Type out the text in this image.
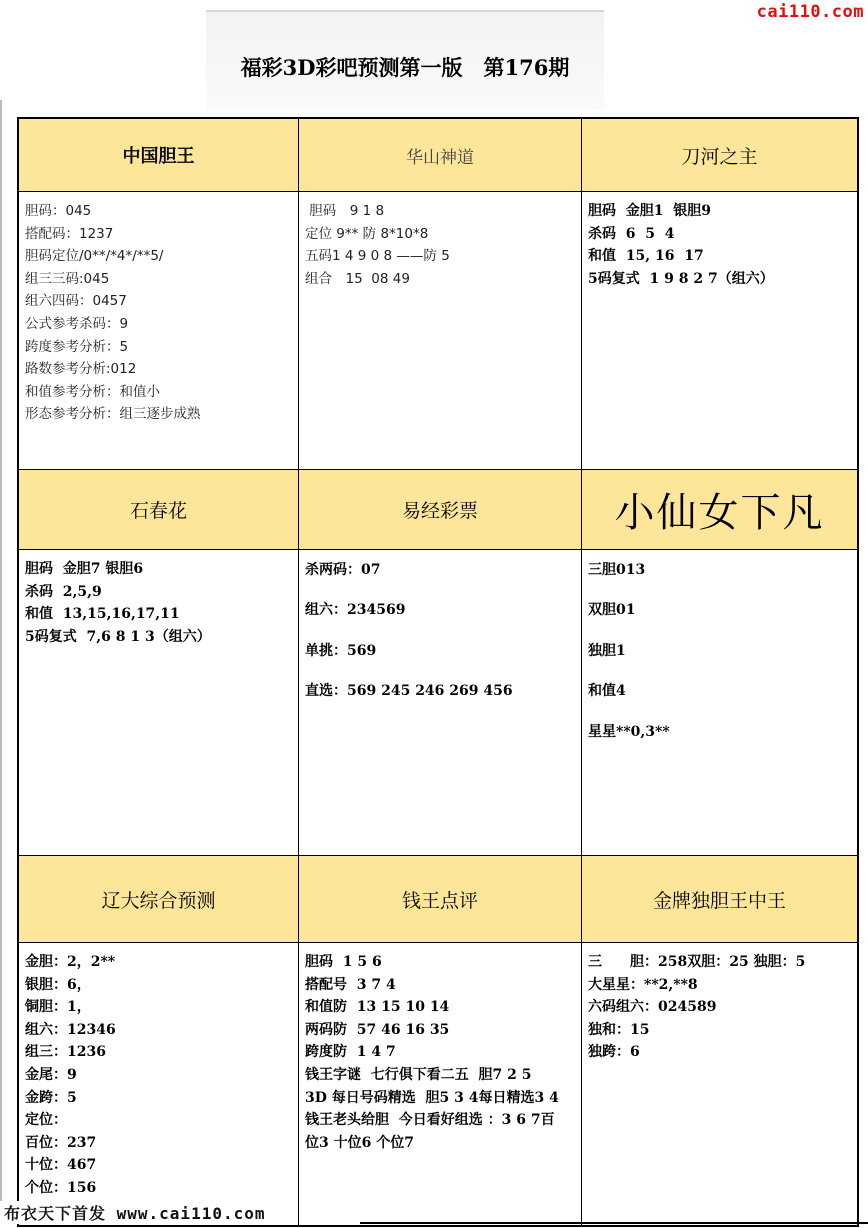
cai110.com
福彩3D彩吧预测第一版　第176期
中国胆王	华山神道	刀河之主
胆码：045
搭配码：1237
胆码定位/0**/*4*/**5/
组三三码:045
组六四码：0457
公式参考杀码：9
跨度参考分析：5
路数参考分析:012
和值参考分析：和值小
形态参考分析：组三逐步成熟
胆码　9 1 8
定位 9** 防 8*10*8
五码1 4 9 0 8 ——防 5
组合　15  08 49
胆码  金胆1  银胆9
杀码  6  5  4
和值  15, 16  17
5码复式  1 9 8 2 7（组六）
石春花	易经彩票	小仙女下凡
胆码  金胆7 银胆6
杀码  2,5,9
和值  13,15,16,17,11
5码复式  7,6 8 1 3（组六）
杀两码：07
组六：234569
单挑：569
直选：569 245 246 269 456
三胆013
双胆01
独胆1
和值4
星星**0,3**
辽大综合预测	钱王点评	金牌独胆王中王
金胆：2，2**
银胆：6，
铜胆：1，
组六：12346
组三：1236
金尾：9
金跨：5
定位：
百位：237
十位：467
个位：156
胆码  1 5 6
搭配号  3 7 4
和值防  13 15 10 14
两码防  57 46 16 35
跨度防  1 4 7
钱王字谜  七行俱下看二五  胆7 2 5
3D 每日号码精选  胆5 3 4每日精选3 4
钱王老头给胆  今日看好组选 ：3 6 7百
位3 十位6 个位7
三　　胆：258双胆：25 独胆：5
大星星：**2,**8
六码组六：024589
独和：15
独跨：6
布衣天下首发 www.cai110.com
